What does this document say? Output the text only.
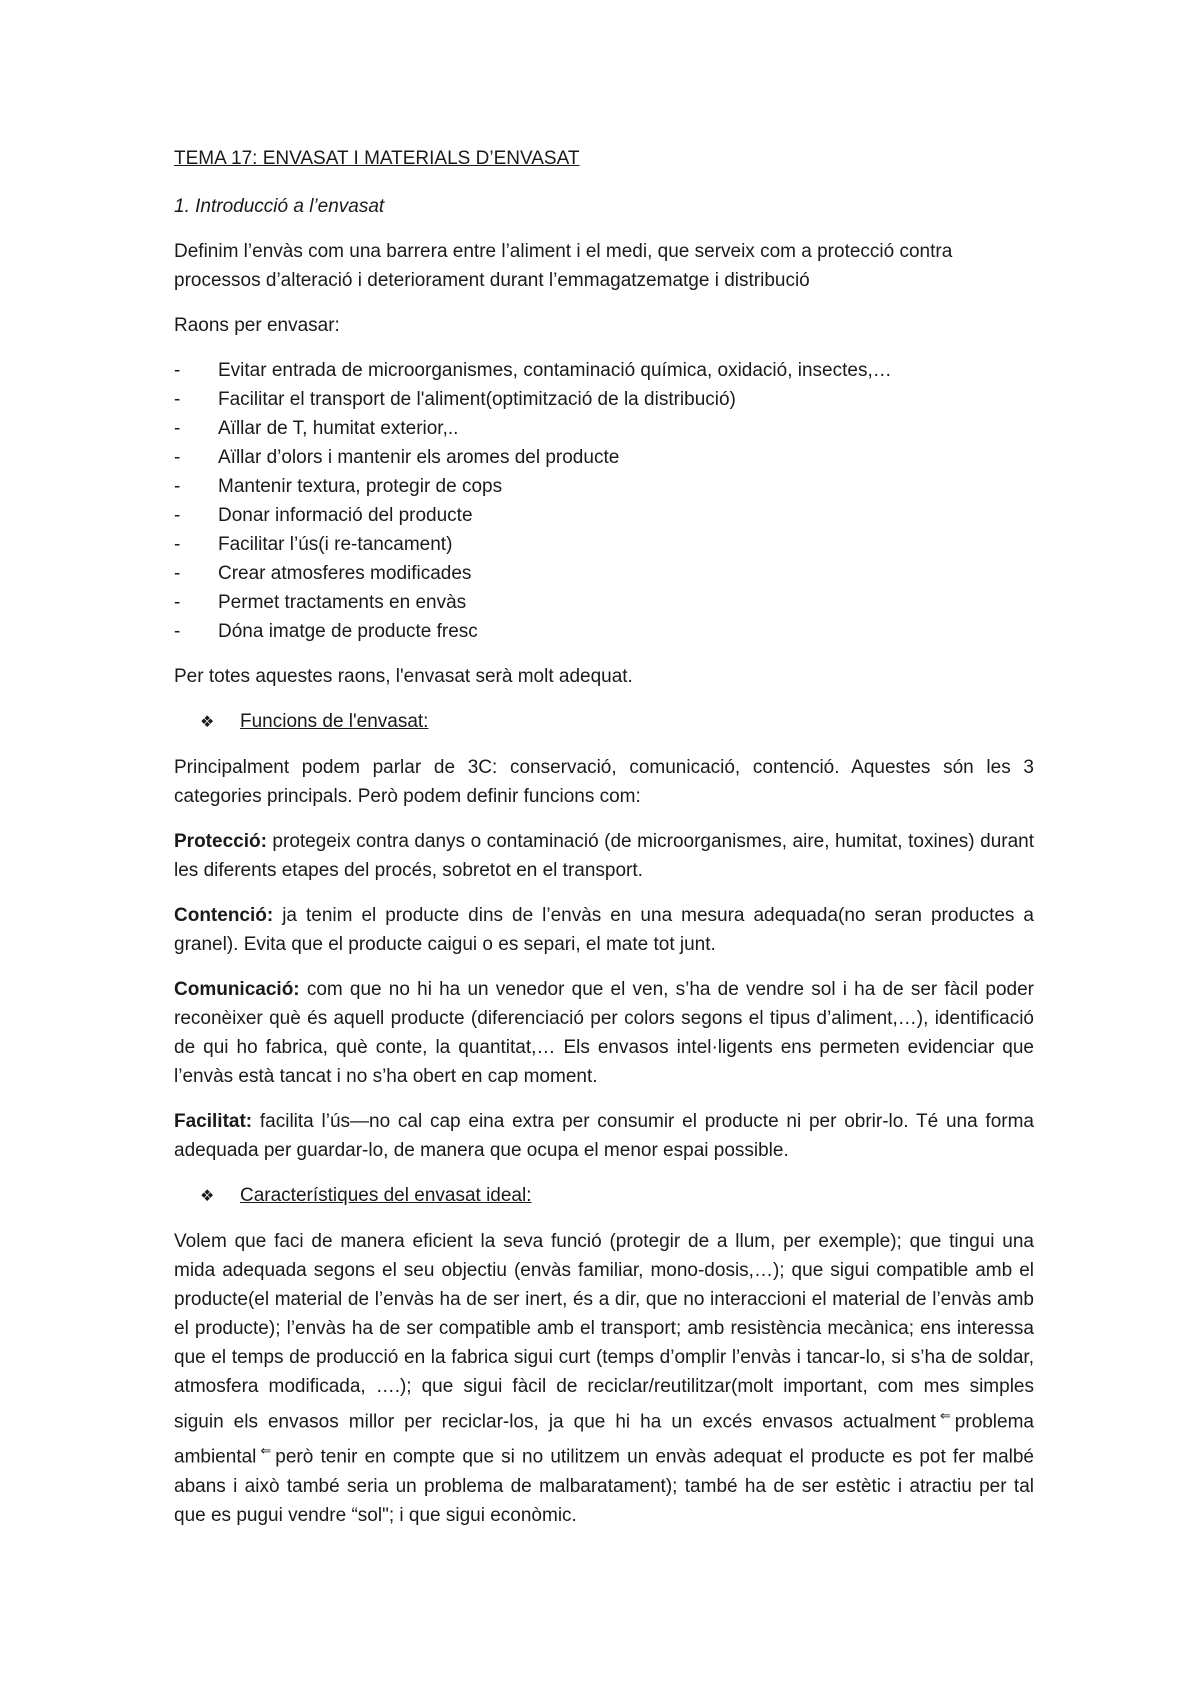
TEMA 17: ENVASAT I MATERIALS D’ENVASAT
1. Introducció a l’envasat

Definim l’envàs com una barrera entre l’aliment i el medi, que serveix com a protecció contra processos d’alteració i deteriorament durant l’emmagatzematge i distribució

Raons per envasar:

-	Evitar entrada de microorganismes, contaminació química, oxidació, insectes,…
-	Facilitar el transport de l'aliment(optimització de la distribució)
-	Aïllar de T, humitat exterior,..
-	Aïllar d’olors i mantenir els aromes del producte
-	Mantenir textura, protegir de cops
-	Donar informació del producte
-	Facilitar l’ús(i re-tancament)
-	Crear atmosferes modificades
-	Permet tractaments en envàs
-	Dóna imatge de producte fresc

Per totes aquestes raons, l'envasat serà molt adequat.

❖ Funcions de l'envasat:

Principalment podem parlar de 3C: conservació, comunicació, contenció. Aquestes són les 3 categories principals. Però podem definir funcions com:

Protecció: protegeix contra danys o contaminació (de microorganismes, aire, humitat, toxines) durant les diferents etapes del procés, sobretot en el transport.

Contenció: ja tenim el producte dins de l’envàs en una mesura adequada(no seran productes a granel). Evita que el producte caigui o es separi, el mate tot junt.

Comunicació: com que no hi ha un venedor que el ven, s’ha de vendre sol i ha de ser fàcil poder reconèixer què és aquell producte (diferenciació per colors segons el tipus d’aliment,…), identificació de qui ho fabrica, què conte, la quantitat,… Els envasos intel·ligents ens permeten evidenciar que l’envàs està tancat i no s’ha obert en cap moment.

Facilitat: facilita l’ús—no cal cap eina extra per consumir el producte ni per obrir-lo. Té una forma adequada per guardar-lo, de manera que ocupa el menor espai possible.

❖ Característiques del envasat ideal:

Volem que faci de manera eficient la seva funció (protegir de a llum, per exemple); que tingui una mida adequada segons el seu objectiu (envàs familiar, mono-dosis,…); que sigui compatible amb el producte(el material de l’envàs ha de ser inert, és a dir, que no interaccioni el material de l’envàs amb el producte); l’envàs ha de ser compatible amb el transport; amb resistència mecànica; ens interessa que el temps de producció en la fabrica sigui curt (temps d’omplir l’envàs i tancar-lo, si s’ha de soldar, atmosfera modificada, ….); que sigui fàcil de reciclar/reutilitzar(molt important, com mes simples siguin els envasos millor per reciclar-los, ja que hi ha un excés envasos actualment ⇐ problema ambiental ⇐ però tenir en compte que si no utilitzem un envàs adequat el producte es pot fer malbé abans i això també seria un problema de malbaratament); també ha de ser estètic i atractiu per tal que es pugui vendre “sol"; i que sigui econòmic.
